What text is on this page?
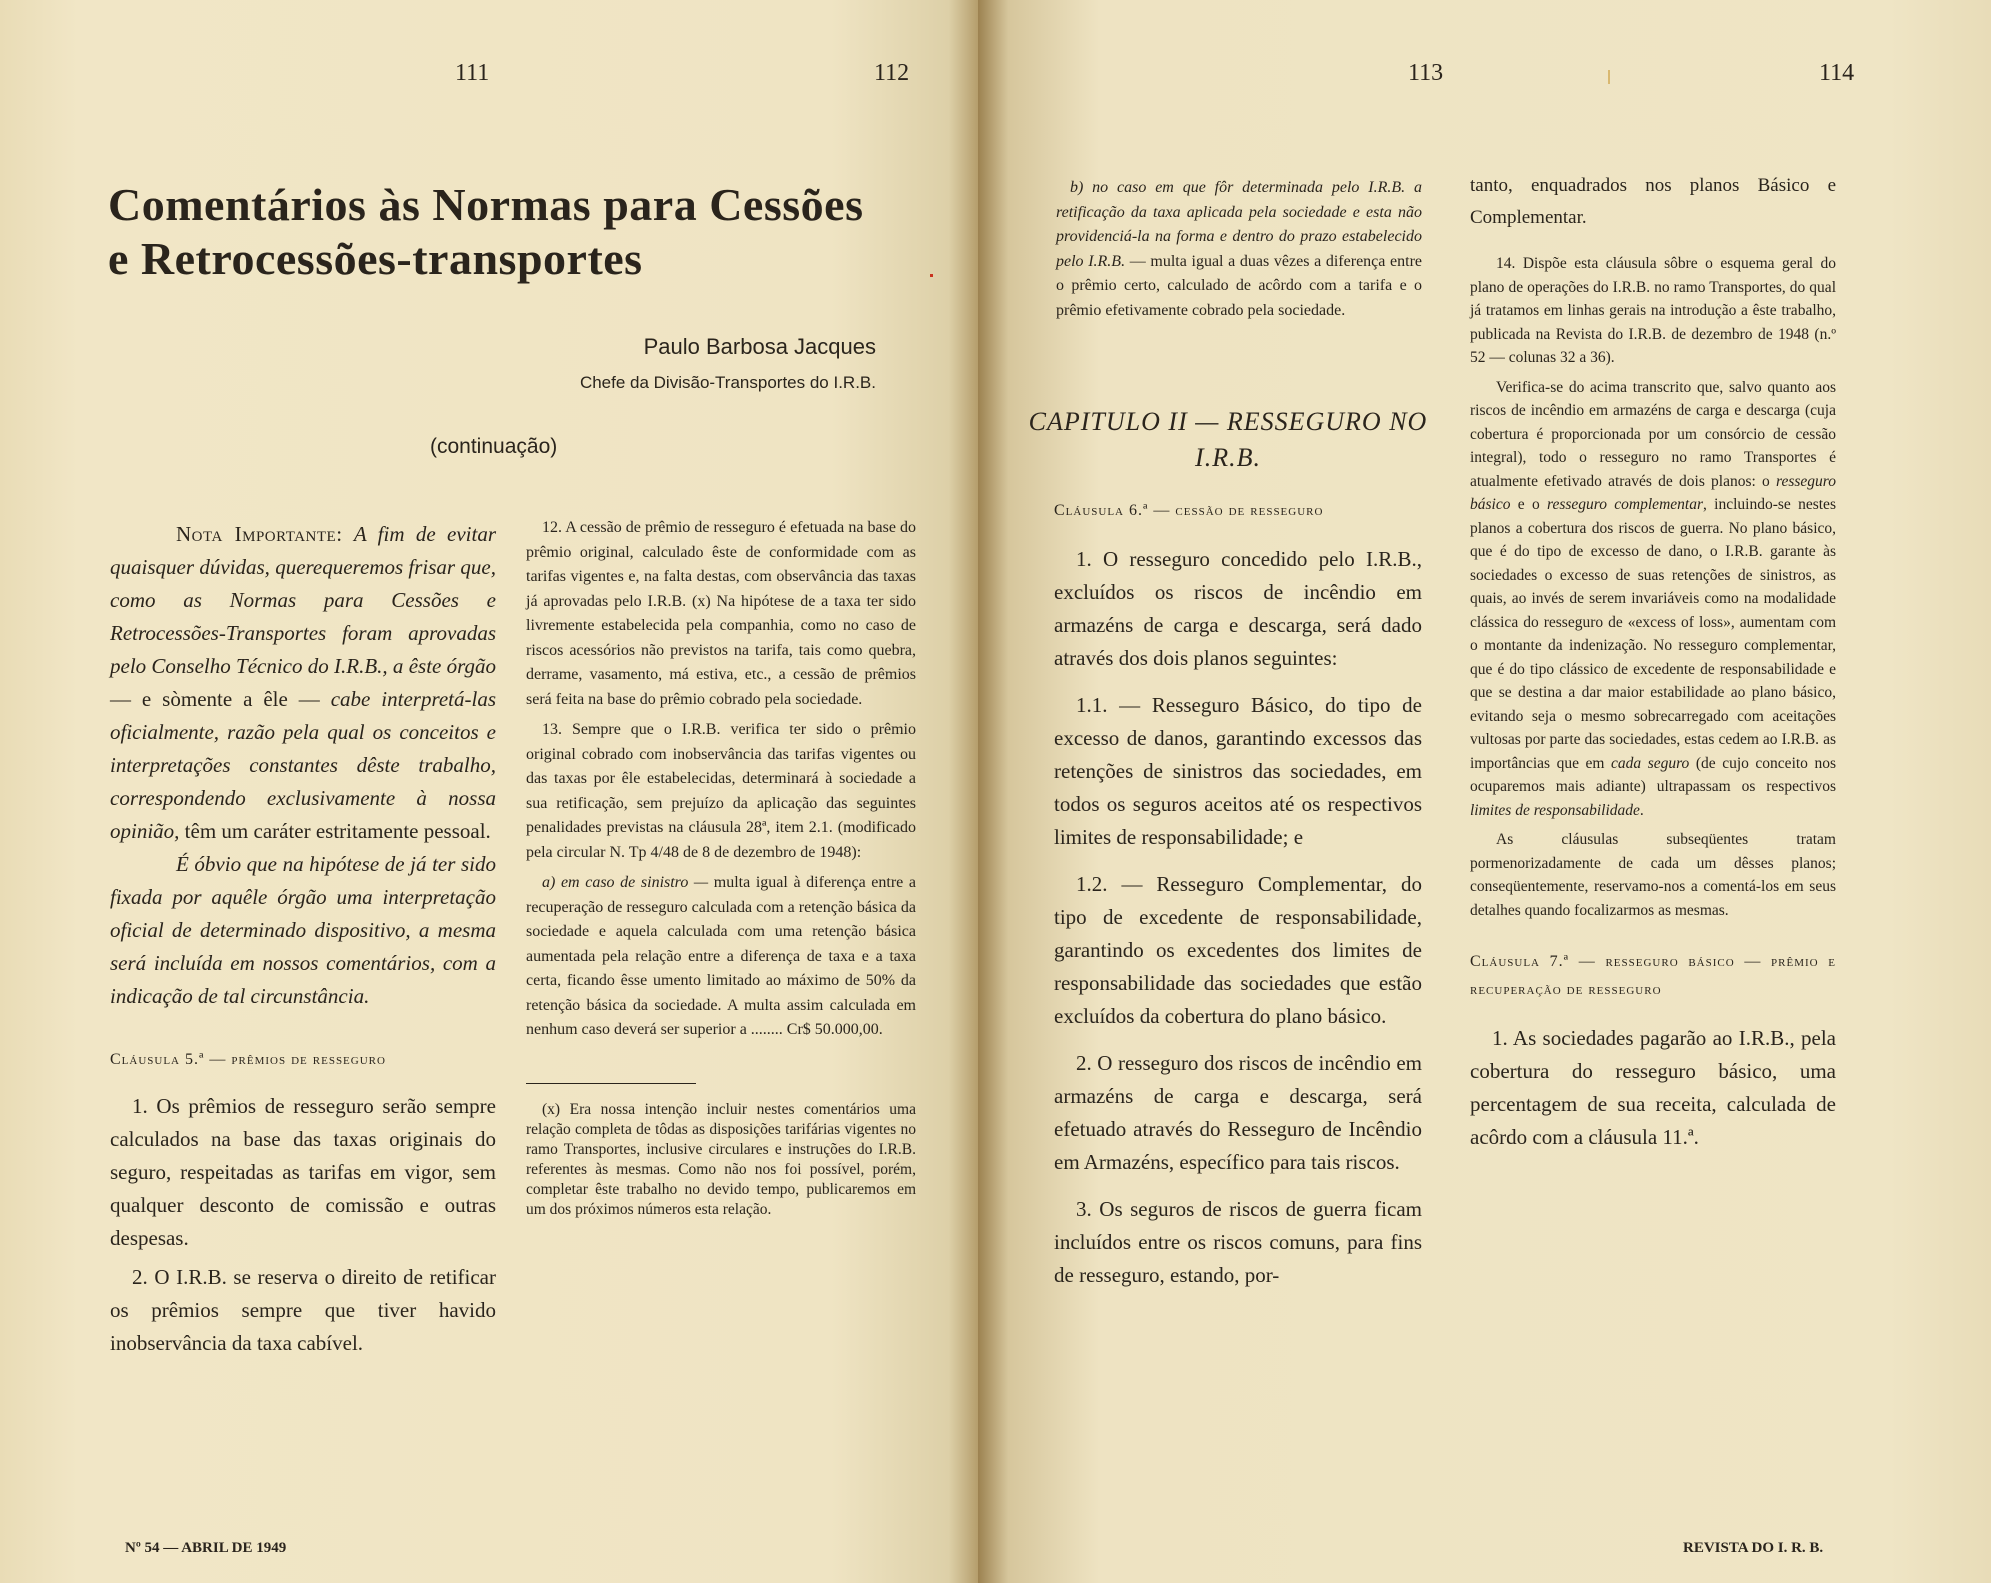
111	112
Comentários às Normas para Cessões e Retrocessões-transportes
Paulo Barbosa Jacques
Chefe da Divisão-Transportes do I.R.B.
(continuação)

Nota Importante: A fim de evitar quaisquer dúvidas, querequeremos frisar que, como as Normas para Cessões e Retrocessões-Transportes foram aprovadas pelo Conselho Técnico do I.R.B., a êste órgão — e sòmente a êle — cabe interpretá-las oficialmente, razão pela qual os conceitos e interpretações constantes dêste trabalho, correspondendo exclusivamente à nossa opinião, têm um caráter estritamente pessoal.

É óbvio que na hipótese de já ter sido fixada por aquêle órgão uma interpretação oficial de determinado dispositivo, a mesma será incluída em nossos comentários, com a indicação de tal circunstância.

Cláusula 5.ª — prêmios de resseguro

1. Os prêmios de resseguro serão sempre calculados na base das taxas originais do seguro, respeitadas as tarifas em vigor, sem qualquer desconto de comissão e outras despesas.

2. O I.R.B. se reserva o direito de retificar os prêmios sempre que tiver havido inobservância da taxa cabível.

12. A cessão de prêmio de resseguro é efetuada na base do prêmio original, calculado êste de conformidade com as tarifas vigentes e, na falta destas, com observância das taxas já aprovadas pelo I.R.B. (x) Na hipótese de a taxa ter sido livremente estabelecida pela companhia, como no caso de riscos acessórios não previstos na tarifa, tais como quebra, derrame, vasamento, má estiva, etc., a cessão de prêmios será feita na base do prêmio cobrado pela sociedade.

13. Sempre que o I.R.B. verifica ter sido o prêmio original cobrado com inobservância das tarifas vigentes ou das taxas por êle estabelecidas, determinará à sociedade a sua retificação, sem prejuízo da aplicação das seguintes penalidades previstas na cláusula 28ª, item 2.1. (modificado pela circular N. Tp 4/48 de 8 de dezembro de 1948):

a) em caso de sinistro — multa igual à diferença entre a recuperação de resseguro calculada com a retenção básica da sociedade e aquela calculada com uma retenção básica aumentada pela relação entre a diferença de taxa e a taxa certa, ficando êsse umento limitado ao máximo de 50% da retenção básica da sociedade. A multa assim calculada em nenhum caso deverá ser superior a ........ Cr$ 50.000,00.

(x) Era nossa intenção incluir nestes comentários uma relação completa de tôdas as disposições tarifárias vigentes no ramo Transportes, inclusive circulares e instruções do I.R.B. referentes às mesmas. Como não nos foi possível, porém, completar êste trabalho no devido tempo, publicaremos em um dos próximos números esta relação.

Nº 54 — ABRIL DE 1949
113	114

b) no caso em que fôr determinada pelo I.R.B. a retificação da taxa aplicada pela sociedade e esta não providenciá-la na forma e dentro do prazo estabelecido pelo I.R.B. — multa igual a duas vêzes a diferença entre o prêmio certo, calculado de acôrdo com a tarifa e o prêmio efetivamente cobrado pela sociedade.

CAPITULO II — RESSEGURO NO I.R.B.

Cláusula 6.ª — cessão de resseguro

1. O resseguro concedido pelo I.R.B., excluídos os riscos de incêndio em armazéns de carga e descarga, será dado através dos dois planos seguintes:

1.1. — Resseguro Básico, do tipo de excesso de danos, garantindo excessos das retenções de sinistros das sociedades, em todos os seguros aceitos até os respectivos limites de responsabilidade; e

1.2. — Resseguro Complementar, do tipo de excedente de responsabilidade, garantindo os excedentes dos limites de responsabilidade das sociedades que estão excluídos da cobertura do plano básico.

2. O resseguro dos riscos de incêndio em armazéns de carga e descarga, será efetuado através do Resseguro de Incêndio em Armazéns, específico para tais riscos.

3. Os seguros de riscos de guerra ficam incluídos entre os riscos comuns, para fins de resseguro, estando, por-

tanto, enquadrados nos planos Básico e Complementar.

14. Dispõe esta cláusula sôbre o esquema geral do plano de operações do I.R.B. no ramo Transportes, do qual já tratamos em linhas gerais na introdução a êste trabalho, publicada na Revista do I.R.B. de dezembro de 1948 (n.º 52 — colunas 32 a 36).

Verifica-se do acima transcrito que, salvo quanto aos riscos de incêndio em armazéns de carga e descarga (cuja cobertura é proporcionada por um consórcio de cessão integral), todo o resseguro no ramo Transportes é atualmente efetivado através de dois planos: o resseguro básico e o resseguro complementar, incluindo-se nestes planos a cobertura dos riscos de guerra. No plano básico, que é do tipo de excesso de dano, o I.R.B. garante às sociedades o excesso de suas retenções de sinistros, as quais, ao invés de serem invariáveis como na modalidade clássica do resseguro de «excess of loss», aumentam com o montante da indenização. No resseguro complementar, que é do tipo clássico de excedente de responsabilidade e que se destina a dar maior estabilidade ao plano básico, evitando seja o mesmo sobrecarregado com aceitações vultosas por parte das sociedades, estas cedem ao I.R.B. as importâncias que em cada seguro (de cujo conceito nos ocuparemos mais adiante) ultrapassam os respectivos limites de responsabilidade.

As cláusulas subseqüentes tratam pormenorizadamente de cada um dêsses planos; conseqüentemente, reservamo-nos a comentá-los em seus detalhes quando focalizarmos as mesmas.

Cláusula 7.ª — resseguro básico — prêmio e recuperação de resseguro

1. As sociedades pagarão ao I.R.B., pela cobertura do resseguro básico, uma percentagem de sua receita, calculada de acôrdo com a cláusula 11.ª.

REVISTA DO I. R. B.
